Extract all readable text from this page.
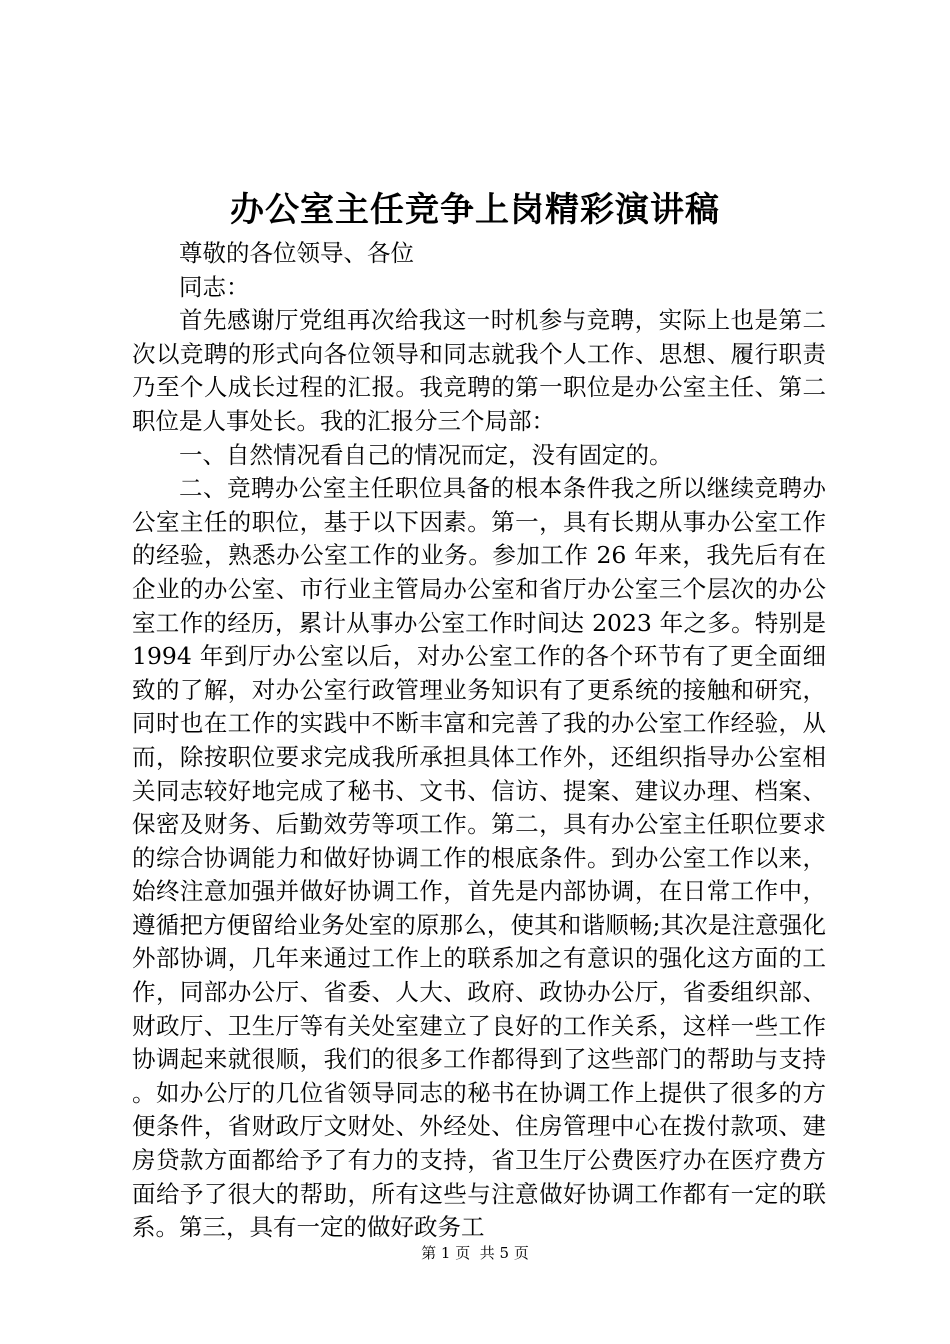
办公室主任竞争上岗精彩演讲稿

尊敬的各位领导、各位

同志：

首先感谢厅党组再次给我这一时机参与竞聘，实际上也是第二次以竞聘的形式向各位领导和同志就我个人工作、思想、履行职责乃至个人成长过程的汇报。我竞聘的第一职位是办公室主任、第二职位是人事处长。我的汇报分三个局部：

一、自然情况看自己的情况而定，没有固定的。

二、竞聘办公室主任职位具备的根本条件我之所以继续竞聘办公室主任的职位，基于以下因素。第一，具有长期从事办公室工作的经验，熟悉办公室工作的业务。参加工作 26 年来，我先后有在企业的办公室、市行业主管局办公室和省厅办公室三个层次的办公室工作的经历，累计从事办公室工作时间达 2023 年之多。特别是 1994 年到厅办公室以后，对办公室工作的各个环节有了更全面细致的了解，对办公室行政管理业务知识有了更系统的接触和研究，同时也在工作的实践中不断丰富和完善了我的办公室工作经验，从而，除按职位要求完成我所承担具体工作外，还组织指导办公室相关同志较好地完成了秘书、文书、信访、提案、建议办理、档案、保密及财务、后勤效劳等项工作。第二，具有办公室主任职位要求的综合协调能力和做好协调工作的根底条件。到办公室工作以来，始终注意加强并做好协调工作，首先是内部协调，在日常工作中，遵循把方便留给业务处室的原那么，使其和谐顺畅;其次是注意强化外部协调，几年来通过工作上的联系加之有意识的强化这方面的工作，同部办公厅、省委、人大、政府、政协办公厅，省委组织部、财政厅、卫生厅等有关处室建立了良好的工作关系，这样一些工作协调起来就很顺，我们的很多工作都得到了这些部门的帮助与支持。如办公厅的几位省领导同志的秘书在协调工作上提供了很多的方便条件，省财政厅文财处、外经处、住房管理中心在拨付款项、建房贷款方面都给予了有力的支持，省卫生厅公费医疗办在医疗费方面给予了很大的帮助，所有这些与注意做好协调工作都有一定的联系。第三，具有一定的做好政务工

第 1 页 共 5 页
